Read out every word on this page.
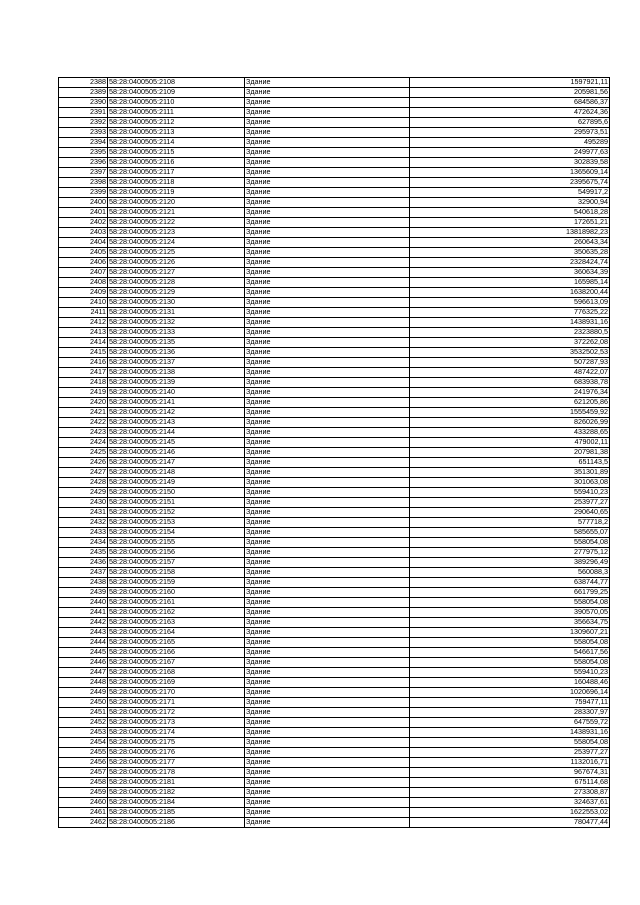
2388	58:28:0400505:2108	Здание	1597921,11
2389	58:28:0400505:2109	Здание	205981,56
2390	58:28:0400505:2110	Здание	684586,37
2391	58:28:0400505:2111	Здание	472624,36
2392	58:28:0400505:2112	Здание	627895,6
2393	58:28:0400505:2113	Здание	295973,51
2394	58:28:0400505:2114	Здание	495289
2395	58:28:0400505:2115	Здание	249977,63
2396	58:28:0400505:2116	Здание	302839,58
2397	58:28:0400505:2117	Здание	1365609,14
2398	58:28:0400505:2118	Здание	2395675,74
2399	58:28:0400505:2119	Здание	549917,2
2400	58:28:0400505:2120	Здание	32900,94
2401	58:28:0400505:2121	Здание	540618,28
2402	58:28:0400505:2122	Здание	172651,21
2403	58:28:0400505:2123	Здание	13818982,23
2404	58:28:0400505:2124	Здание	260643,34
2405	58:28:0400505:2125	Здание	350635,28
2406	58:28:0400505:2126	Здание	2328424,74
2407	58:28:0400505:2127	Здание	360634,39
2408	58:28:0400505:2128	Здание	165985,14
2409	58:28:0400505:2129	Здание	1638200,44
2410	58:28:0400505:2130	Здание	596613,09
2411	58:28:0400505:2131	Здание	776325,22
2412	58:28:0400505:2132	Здание	1438931,16
2413	58:28:0400505:2133	Здание	2323880,5
2414	58:28:0400505:2135	Здание	372262,08
2415	58:28:0400505:2136	Здание	3532502,53
2416	58:28:0400505:2137	Здание	507287,93
2417	58:28:0400505:2138	Здание	487422,07
2418	58:28:0400505:2139	Здание	683938,78
2419	58:28:0400505:2140	Здание	241976,34
2420	58:28:0400505:2141	Здание	621205,86
2421	58:28:0400505:2142	Здание	1555459,92
2422	58:28:0400505:2143	Здание	826026,99
2423	58:28:0400505:2144	Здание	433288,65
2424	58:28:0400505:2145	Здание	479002,11
2425	58:28:0400505:2146	Здание	207981,38
2426	58:28:0400505:2147	Здание	651143,5
2427	58:28:0400505:2148	Здание	351301,89
2428	58:28:0400505:2149	Здание	301063,08
2429	58:28:0400505:2150	Здание	559410,23
2430	58:28:0400505:2151	Здание	253977,27
2431	58:28:0400505:2152	Здание	290640,65
2432	58:28:0400505:2153	Здание	577718,2
2433	58:28:0400505:2154	Здание	585655,07
2434	58:28:0400505:2155	Здание	558054,08
2435	58:28:0400505:2156	Здание	277975,12
2436	58:28:0400505:2157	Здание	389296,49
2437	58:28:0400505:2158	Здание	560088,3
2438	58:28:0400505:2159	Здание	638744,77
2439	58:28:0400505:2160	Здание	661799,25
2440	58:28:0400505:2161	Здание	558054,08
2441	58:28:0400505:2162	Здание	390570,05
2442	58:28:0400505:2163	Здание	356634,75
2443	58:28:0400505:2164	Здание	1309607,21
2444	58:28:0400505:2165	Здание	558054,08
2445	58:28:0400505:2166	Здание	546617,56
2446	58:28:0400505:2167	Здание	558054,08
2447	58:28:0400505:2168	Здание	559410,23
2448	58:28:0400505:2169	Здание	160488,46
2449	58:28:0400505:2170	Здание	1020696,14
2450	58:28:0400505:2171	Здание	759477,11
2451	58:28:0400505:2172	Здание	283307,97
2452	58:28:0400505:2173	Здание	647559,72
2453	58:28:0400505:2174	Здание	1438931,16
2454	58:28:0400505:2175	Здание	558054,08
2455	58:28:0400505:2176	Здание	253977,27
2456	58:28:0400505:2177	Здание	1132016,71
2457	58:28:0400505:2178	Здание	967674,31
2458	58:28:0400505:2181	Здание	675114,68
2459	58:28:0400505:2182	Здание	273308,87
2460	58:28:0400505:2184	Здание	324637,61
2461	58:28:0400505:2185	Здание	1622553,02
2462	58:28:0400505:2186	Здание	780477,44
